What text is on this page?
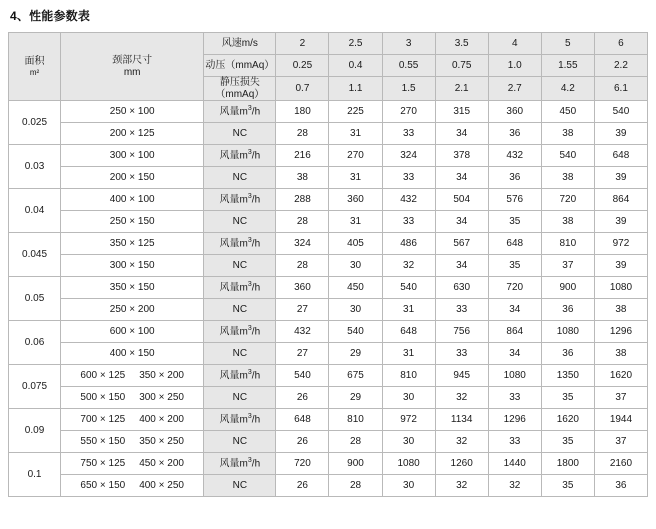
4、性能参数表
面积
m²	颈部尺寸
mm	风速m/s	2	2.5	3	3.5	4	5	6
		动压（mmAq）	0.25	0.4	0.55	0.75	1.0	1.55	2.2
		静压损失（mmAq）	0.7	1.1	1.5	2.1	2.7	4.2	6.1
0.025	250 × 100	风量$m^3/h$	180	225	270	315	360	450	540
	200 × 125	NC	28	31	33	34	36	38	39
0.03	300 × 100	风量$m^3/h$	216	270	324	378	432	540	648
	200 × 150	NC	38	31	33	34	36	38	39
0.04	400 × 100	风量$m^3/h$	288	360	432	504	576	720	864
	250 × 150	NC	28	31	33	34	35	38	39
0.045	350 × 125	风量$m^3/h$	324	405	486	567	648	810	972
	300 × 150	NC	28	30	32	34	35	37	39
0.05	350 × 150	风量$m^3/h$	360	450	540	630	720	900	1080
	250 × 200	NC	27	30	31	33	34	36	38
0.06	600 × 100	风量$m^3/h$	432	540	648	756	864	1080	1296
	400 × 150	NC	27	29	31	33	34	36	38
0.075	600 × 125 350 × 200	风量$m^3/h$	540	675	810	945	1080	1350	1620
	500 × 150 300 × 250	NC	26	29	30	32	33	35	37
0.09	700 × 125 400 × 200	风量$m^3/h$	648	810	972	1134	1296	1620	1944
	550 × 150 350 × 250	NC	26	28	30	32	33	35	37
0.1	750 × 125 450 × 200	风量$m^3/h$	720	900	1080	1260	1440	1800	2160
	650 × 150 400 × 250	NC	26	28	30	32	32	35	36
